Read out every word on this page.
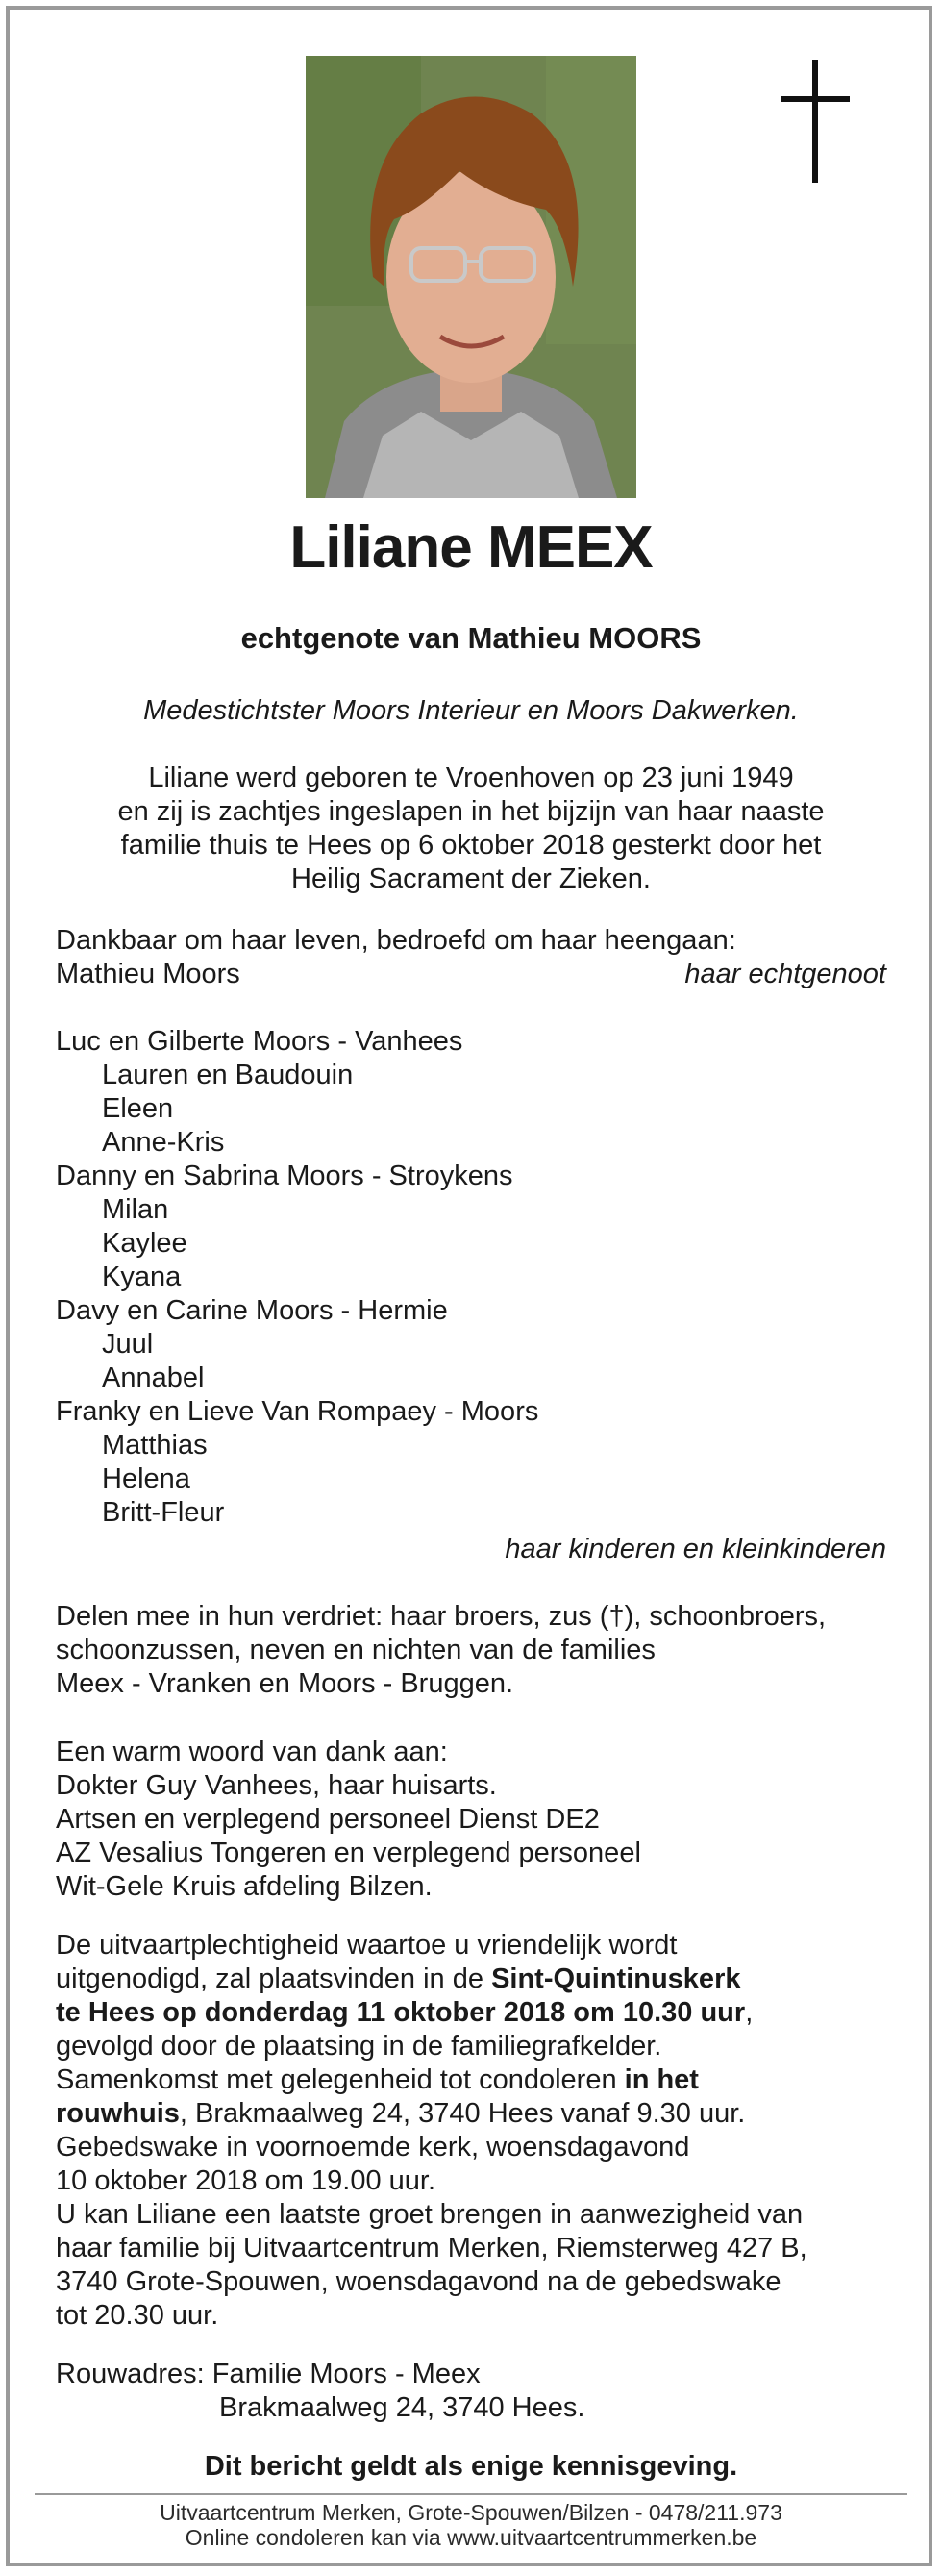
Liliane MEEX
echtgenote van Mathieu MOORS
Medestichtster Moors Interieur en Moors Dakwerken.
Liliane werd geboren te Vroenhoven op 23 juni 1949
en zij is zachtjes ingeslapen in het bijzijn van haar naaste
familie thuis te Hees op 6 oktober 2018 gesterkt door het
Heilig Sacrament der Zieken.
Dankbaar om haar leven, bedroefd om haar heengaan:
Mathieu Moors	haar echtgenoot
Luc en Gilberte Moors - Vanhees
Lauren en Baudouin
Eleen
Anne-Kris
Danny en Sabrina Moors - Stroykens
Milan
Kaylee
Kyana
Davy en Carine Moors - Hermie
Juul
Annabel
Franky en Lieve Van Rompaey - Moors
Matthias
Helena
Britt-Fleur
haar kinderen en kleinkinderen
Delen mee in hun verdriet: haar broers, zus (†), schoonbroers,
schoonzussen, neven en nichten van de families
Meex - Vranken en Moors - Bruggen.
Een warm woord van dank aan:
Dokter Guy Vanhees, haar huisarts.
Artsen en verplegend personeel Dienst DE2
AZ Vesalius Tongeren en verplegend personeel
Wit-Gele Kruis afdeling Bilzen.
De uitvaartplechtigheid waartoe u vriendelijk wordt
uitgenodigd, zal plaatsvinden in de Sint-Quintinuskerk
te Hees op donderdag 11 oktober 2018 om 10.30 uur,
gevolgd door de plaatsing in de familiegrafkelder.
Samenkomst met gelegenheid tot condoleren in het
rouwhuis, Brakmaalweg 24, 3740 Hees vanaf 9.30 uur.
Gebedswake in voornoemde kerk, woensdagavond
10 oktober 2018 om 19.00 uur.
U kan Liliane een laatste groet brengen in aanwezigheid van
haar familie bij Uitvaartcentrum Merken, Riemsterweg 427 B,
3740 Grote-Spouwen, woensdagavond na de gebedswake
tot 20.30 uur.
Rouwadres: Familie Moors - Meex
Brakmaalweg 24, 3740 Hees.
Dit bericht geldt als enige kennisgeving.
Uitvaartcentrum Merken, Grote-Spouwen/Bilzen - 0478/211.973
Online condoleren kan via www.uitvaartcentrummerken.be
